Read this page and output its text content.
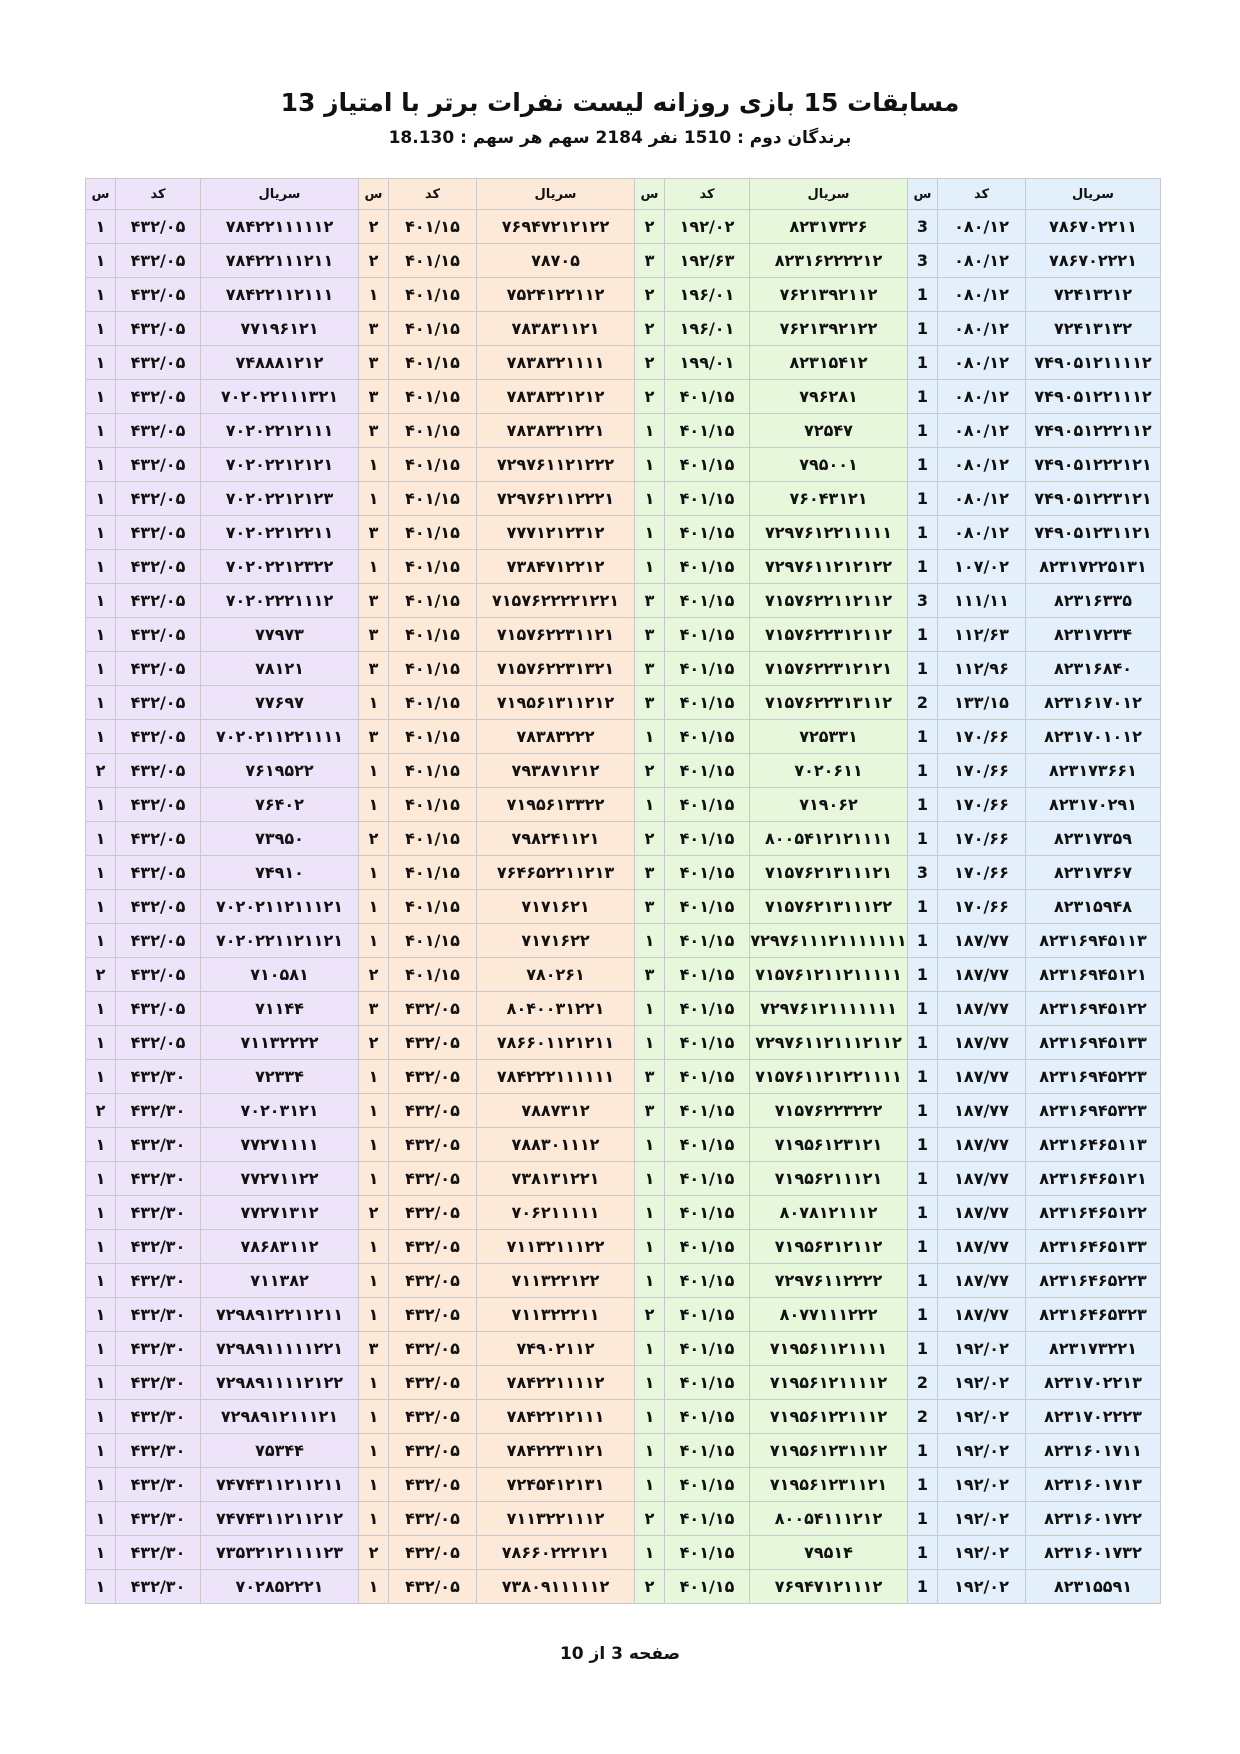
مسابقات 15 بازی روزانه لیست نفرات برتر با امتیاز 13
برندگان دوم : 1510 نفر 2184 سهم هر سهم : 18.130
سریال	کد	س	سریال	کد	س	سریال	کد	س	سریال	کد	س
۷۸۶۷۰۲۲۱۱	۰۸۰/۱۲	3	۸۲۳۱۷۳۲۶	۱۹۲/۰۲	۲	۷۶۹۴۷۲۱۲۱۲۲	۴۰۱/۱۵	۲	۷۸۴۲۲۱۱۱۱۱۲	۴۳۲/۰۵	۱
۷۸۶۷۰۲۲۲۱	۰۸۰/۱۲	3	۸۲۳۱۶۲۲۲۲۱۲	۱۹۲/۶۳	۳	۷۸۷۰۵	۴۰۱/۱۵	۲	۷۸۴۲۲۱۱۱۲۱۱	۴۳۲/۰۵	۱
۷۲۴۱۳۲۱۲	۰۸۰/۱۲	1	۷۶۲۱۳۹۲۱۱۲	۱۹۶/۰۱	۲	۷۵۲۴۱۲۲۱۱۲	۴۰۱/۱۵	۱	۷۸۴۲۲۱۱۲۱۱۱	۴۳۲/۰۵	۱
۷۲۴۱۳۱۳۲	۰۸۰/۱۲	1	۷۶۲۱۳۹۲۱۲۲	۱۹۶/۰۱	۲	۷۸۳۸۳۱۱۲۱	۴۰۱/۱۵	۳	۷۷۱۹۶۱۲۱	۴۳۲/۰۵	۱
۷۴۹۰۵۱۲۱۱۱۱۲	۰۸۰/۱۲	1	۸۲۳۱۵۴۱۲	۱۹۹/۰۱	۲	۷۸۳۸۳۲۱۱۱۱	۴۰۱/۱۵	۳	۷۴۸۸۸۱۲۱۲	۴۳۲/۰۵	۱
۷۴۹۰۵۱۲۲۱۱۱۲	۰۸۰/۱۲	1	۷۹۶۲۸۱	۴۰۱/۱۵	۲	۷۸۳۸۳۲۱۲۱۲	۴۰۱/۱۵	۳	۷۰۲۰۲۲۱۱۱۳۲۱	۴۳۲/۰۵	۱
۷۴۹۰۵۱۲۲۲۱۱۲	۰۸۰/۱۲	1	۷۲۵۴۷	۴۰۱/۱۵	۱	۷۸۳۸۳۲۱۲۲۱	۴۰۱/۱۵	۳	۷۰۲۰۲۲۱۲۱۱۱	۴۳۲/۰۵	۱
۷۴۹۰۵۱۲۲۲۱۲۱	۰۸۰/۱۲	1	۷۹۵۰۰۱	۴۰۱/۱۵	۱	۷۲۹۷۶۱۱۲۱۲۲۲	۴۰۱/۱۵	۱	۷۰۲۰۲۲۱۲۱۲۱	۴۳۲/۰۵	۱
۷۴۹۰۵۱۲۲۳۱۲۱	۰۸۰/۱۲	1	۷۶۰۴۳۱۲۱	۴۰۱/۱۵	۱	۷۲۹۷۶۲۱۱۲۲۲۱	۴۰۱/۱۵	۱	۷۰۲۰۲۲۱۲۱۲۳	۴۳۲/۰۵	۱
۷۴۹۰۵۱۲۳۱۱۲۱	۰۸۰/۱۲	1	۷۲۹۷۶۱۲۲۱۱۱۱۱	۴۰۱/۱۵	۱	۷۷۷۱۲۱۲۳۱۲	۴۰۱/۱۵	۳	۷۰۲۰۲۲۱۲۲۱۱	۴۳۲/۰۵	۱
۸۲۳۱۷۲۲۵۱۳۱	۱۰۷/۰۲	1	۷۲۹۷۶۱۱۲۱۲۱۲۲	۴۰۱/۱۵	۱	۷۳۸۴۷۱۲۲۱۲	۴۰۱/۱۵	۱	۷۰۲۰۲۲۱۲۳۲۲	۴۳۲/۰۵	۱
۸۲۳۱۶۳۳۵	۱۱۱/۱۱	3	۷۱۵۷۶۲۲۱۱۲۱۱۲	۴۰۱/۱۵	۳	۷۱۵۷۶۲۲۲۲۱۲۲۱	۴۰۱/۱۵	۳	۷۰۲۰۲۲۲۱۱۱۲	۴۳۲/۰۵	۱
۸۲۳۱۷۲۳۴	۱۱۲/۶۳	1	۷۱۵۷۶۲۲۳۱۲۱۱۲	۴۰۱/۱۵	۳	۷۱۵۷۶۲۲۳۱۱۲۱	۴۰۱/۱۵	۳	۷۷۹۷۳	۴۳۲/۰۵	۱
۸۲۳۱۶۸۴۰	۱۱۲/۹۶	1	۷۱۵۷۶۲۲۳۱۲۱۲۱	۴۰۱/۱۵	۳	۷۱۵۷۶۲۲۳۱۳۲۱	۴۰۱/۱۵	۳	۷۸۱۲۱	۴۳۲/۰۵	۱
۸۲۳۱۶۱۷۰۱۲	۱۳۳/۱۵	2	۷۱۵۷۶۲۲۳۱۳۱۱۲	۴۰۱/۱۵	۳	۷۱۹۵۶۱۳۱۱۲۱۲	۴۰۱/۱۵	۱	۷۷۶۹۷	۴۳۲/۰۵	۱
۸۲۳۱۷۰۱۰۱۲	۱۷۰/۶۶	1	۷۲۵۳۳۱	۴۰۱/۱۵	۱	۷۸۳۸۳۲۲۲	۴۰۱/۱۵	۳	۷۰۲۰۲۱۱۲۲۱۱۱۱	۴۳۲/۰۵	۱
۸۲۳۱۷۳۶۶۱	۱۷۰/۶۶	1	۷۰۲۰۶۱۱	۴۰۱/۱۵	۲	۷۹۳۸۷۱۲۱۲	۴۰۱/۱۵	۱	۷۶۱۹۵۲۲	۴۳۲/۰۵	۲
۸۲۳۱۷۰۲۹۱	۱۷۰/۶۶	1	۷۱۹۰۶۲	۴۰۱/۱۵	۱	۷۱۹۵۶۱۳۳۲۲	۴۰۱/۱۵	۱	۷۶۴۰۲	۴۳۲/۰۵	۱
۸۲۳۱۷۳۵۹	۱۷۰/۶۶	1	۸۰۰۵۴۱۲۱۲۱۱۱۱	۴۰۱/۱۵	۲	۷۹۸۲۴۱۱۲۱	۴۰۱/۱۵	۲	۷۳۹۵۰	۴۳۲/۰۵	۱
۸۲۳۱۷۳۶۷	۱۷۰/۶۶	3	۷۱۵۷۶۲۱۳۱۱۱۲۱	۴۰۱/۱۵	۳	۷۶۴۶۵۲۲۱۱۲۱۳	۴۰۱/۱۵	۱	۷۴۹۱۰	۴۳۲/۰۵	۱
۸۲۳۱۵۹۴۸	۱۷۰/۶۶	1	۷۱۵۷۶۲۱۳۱۱۱۲۲	۴۰۱/۱۵	۳	۷۱۷۱۶۲۱	۴۰۱/۱۵	۱	۷۰۲۰۲۱۱۲۱۱۱۲۱	۴۳۲/۰۵	۱
۸۲۳۱۶۹۴۵۱۱۳	۱۸۷/۷۷	1	۷۲۹۷۶۱۱۱۲۱۱۱۱۱۱۱	۴۰۱/۱۵	۱	۷۱۷۱۶۲۲	۴۰۱/۱۵	۱	۷۰۲۰۲۲۱۱۲۱۱۲۱	۴۳۲/۰۵	۱
۸۲۳۱۶۹۴۵۱۲۱	۱۸۷/۷۷	1	۷۱۵۷۶۱۲۱۱۲۱۱۱۱۱	۴۰۱/۱۵	۳	۷۸۰۲۶۱	۴۰۱/۱۵	۲	۷۱۰۵۸۱	۴۳۲/۰۵	۲
۸۲۳۱۶۹۴۵۱۲۲	۱۸۷/۷۷	1	۷۲۹۷۶۱۲۱۱۱۱۱۱۱	۴۰۱/۱۵	۱	۸۰۴۰۰۳۱۲۲۱	۴۳۲/۰۵	۳	۷۱۱۴۴	۴۳۲/۰۵	۱
۸۲۳۱۶۹۴۵۱۳۳	۱۸۷/۷۷	1	۷۲۹۷۶۱۱۲۱۱۱۲۱۱۲	۴۰۱/۱۵	۱	۷۸۶۶۰۱۱۲۱۲۱۱	۴۳۲/۰۵	۲	۷۱۱۳۲۲۲۲	۴۳۲/۰۵	۱
۸۲۳۱۶۹۴۵۲۲۳	۱۸۷/۷۷	1	۷۱۵۷۶۱۱۲۱۲۲۱۱۱۱	۴۰۱/۱۵	۳	۷۸۴۲۲۲۱۱۱۱۱۱	۴۳۲/۰۵	۱	۷۲۳۳۴	۴۳۲/۳۰	۱
۸۲۳۱۶۹۴۵۳۲۳	۱۸۷/۷۷	1	۷۱۵۷۶۲۲۳۲۲۲	۴۰۱/۱۵	۳	۷۸۸۷۳۱۲	۴۳۲/۰۵	۱	۷۰۲۰۳۱۲۱	۴۳۲/۳۰	۲
۸۲۳۱۶۴۶۵۱۱۳	۱۸۷/۷۷	1	۷۱۹۵۶۱۲۳۱۲۱	۴۰۱/۱۵	۱	۷۸۸۳۰۱۱۱۲	۴۳۲/۰۵	۱	۷۷۲۷۱۱۱۱	۴۳۲/۳۰	۱
۸۲۳۱۶۴۶۵۱۲۱	۱۸۷/۷۷	1	۷۱۹۵۶۲۱۱۱۲۱	۴۰۱/۱۵	۱	۷۳۸۱۳۱۲۲۱	۴۳۲/۰۵	۱	۷۷۲۷۱۱۲۲	۴۳۲/۳۰	۱
۸۲۳۱۶۴۶۵۱۲۲	۱۸۷/۷۷	1	۸۰۷۸۱۲۱۱۱۲	۴۰۱/۱۵	۱	۷۰۶۲۱۱۱۱۱	۴۳۲/۰۵	۲	۷۷۲۷۱۳۱۲	۴۳۲/۳۰	۱
۸۲۳۱۶۴۶۵۱۳۳	۱۸۷/۷۷	1	۷۱۹۵۶۳۱۲۱۱۲	۴۰۱/۱۵	۱	۷۱۱۳۲۱۱۱۲۲	۴۳۲/۰۵	۱	۷۸۶۸۳۱۱۲	۴۳۲/۳۰	۱
۸۲۳۱۶۴۶۵۲۲۳	۱۸۷/۷۷	1	۷۲۹۷۶۱۱۲۲۲۲	۴۰۱/۱۵	۱	۷۱۱۳۲۲۱۲۲	۴۳۲/۰۵	۱	۷۱۱۳۸۲	۴۳۲/۳۰	۱
۸۲۳۱۶۴۶۵۳۲۳	۱۸۷/۷۷	1	۸۰۷۷۱۱۱۲۲۲	۴۰۱/۱۵	۲	۷۱۱۳۲۲۲۱۱	۴۳۲/۰۵	۱	۷۲۹۸۹۱۲۲۱۱۲۱۱	۴۳۲/۳۰	۱
۸۲۳۱۷۳۲۲۱	۱۹۲/۰۲	1	۷۱۹۵۶۱۱۲۱۱۱۱	۴۰۱/۱۵	۱	۷۴۹۰۲۱۱۲	۴۳۲/۰۵	۳	۷۲۹۸۹۱۱۱۱۱۲۲۱	۴۳۲/۳۰	۱
۸۲۳۱۷۰۲۲۱۳	۱۹۲/۰۲	2	۷۱۹۵۶۱۲۱۱۱۱۲	۴۰۱/۱۵	۱	۷۸۴۲۲۱۱۱۱۲	۴۳۲/۰۵	۱	۷۲۹۸۹۱۱۱۱۲۱۲۲	۴۳۲/۳۰	۱
۸۲۳۱۷۰۲۲۲۳	۱۹۲/۰۲	2	۷۱۹۵۶۱۲۲۱۱۱۲	۴۰۱/۱۵	۱	۷۸۴۲۲۱۲۱۱۱	۴۳۲/۰۵	۱	۷۲۹۸۹۱۲۱۱۱۲۱	۴۳۲/۳۰	۱
۸۲۳۱۶۰۱۷۱۱	۱۹۲/۰۲	1	۷۱۹۵۶۱۲۳۱۱۱۲	۴۰۱/۱۵	۱	۷۸۴۲۲۳۱۱۲۱	۴۳۲/۰۵	۱	۷۵۳۴۴	۴۳۲/۳۰	۱
۸۲۳۱۶۰۱۷۱۳	۱۹۲/۰۲	1	۷۱۹۵۶۱۲۳۱۱۲۱	۴۰۱/۱۵	۱	۷۲۴۵۴۱۲۱۳۱	۴۳۲/۰۵	۱	۷۴۷۴۳۱۱۲۱۱۲۱۱	۴۳۲/۳۰	۱
۸۲۳۱۶۰۱۷۲۲	۱۹۲/۰۲	1	۸۰۰۵۴۱۱۱۲۱۲	۴۰۱/۱۵	۲	۷۱۱۳۲۲۱۱۱۲	۴۳۲/۰۵	۱	۷۴۷۴۳۱۱۲۱۱۲۱۲	۴۳۲/۳۰	۱
۸۲۳۱۶۰۱۷۳۲	۱۹۲/۰۲	1	۷۹۵۱۴	۴۰۱/۱۵	۱	۷۸۶۶۰۲۲۲۱۲۱	۴۳۲/۰۵	۲	۷۳۵۳۲۱۲۱۱۱۱۲۳	۴۳۲/۳۰	۱
۸۲۳۱۵۵۹۱	۱۹۲/۰۲	1	۷۶۹۴۷۱۲۱۱۱۲	۴۰۱/۱۵	۲	۷۳۸۰۹۱۱۱۱۱۲	۴۳۲/۰۵	۱	۷۰۲۸۵۲۲۲۱	۴۳۲/۳۰	۱
صفحه 3 از 10
